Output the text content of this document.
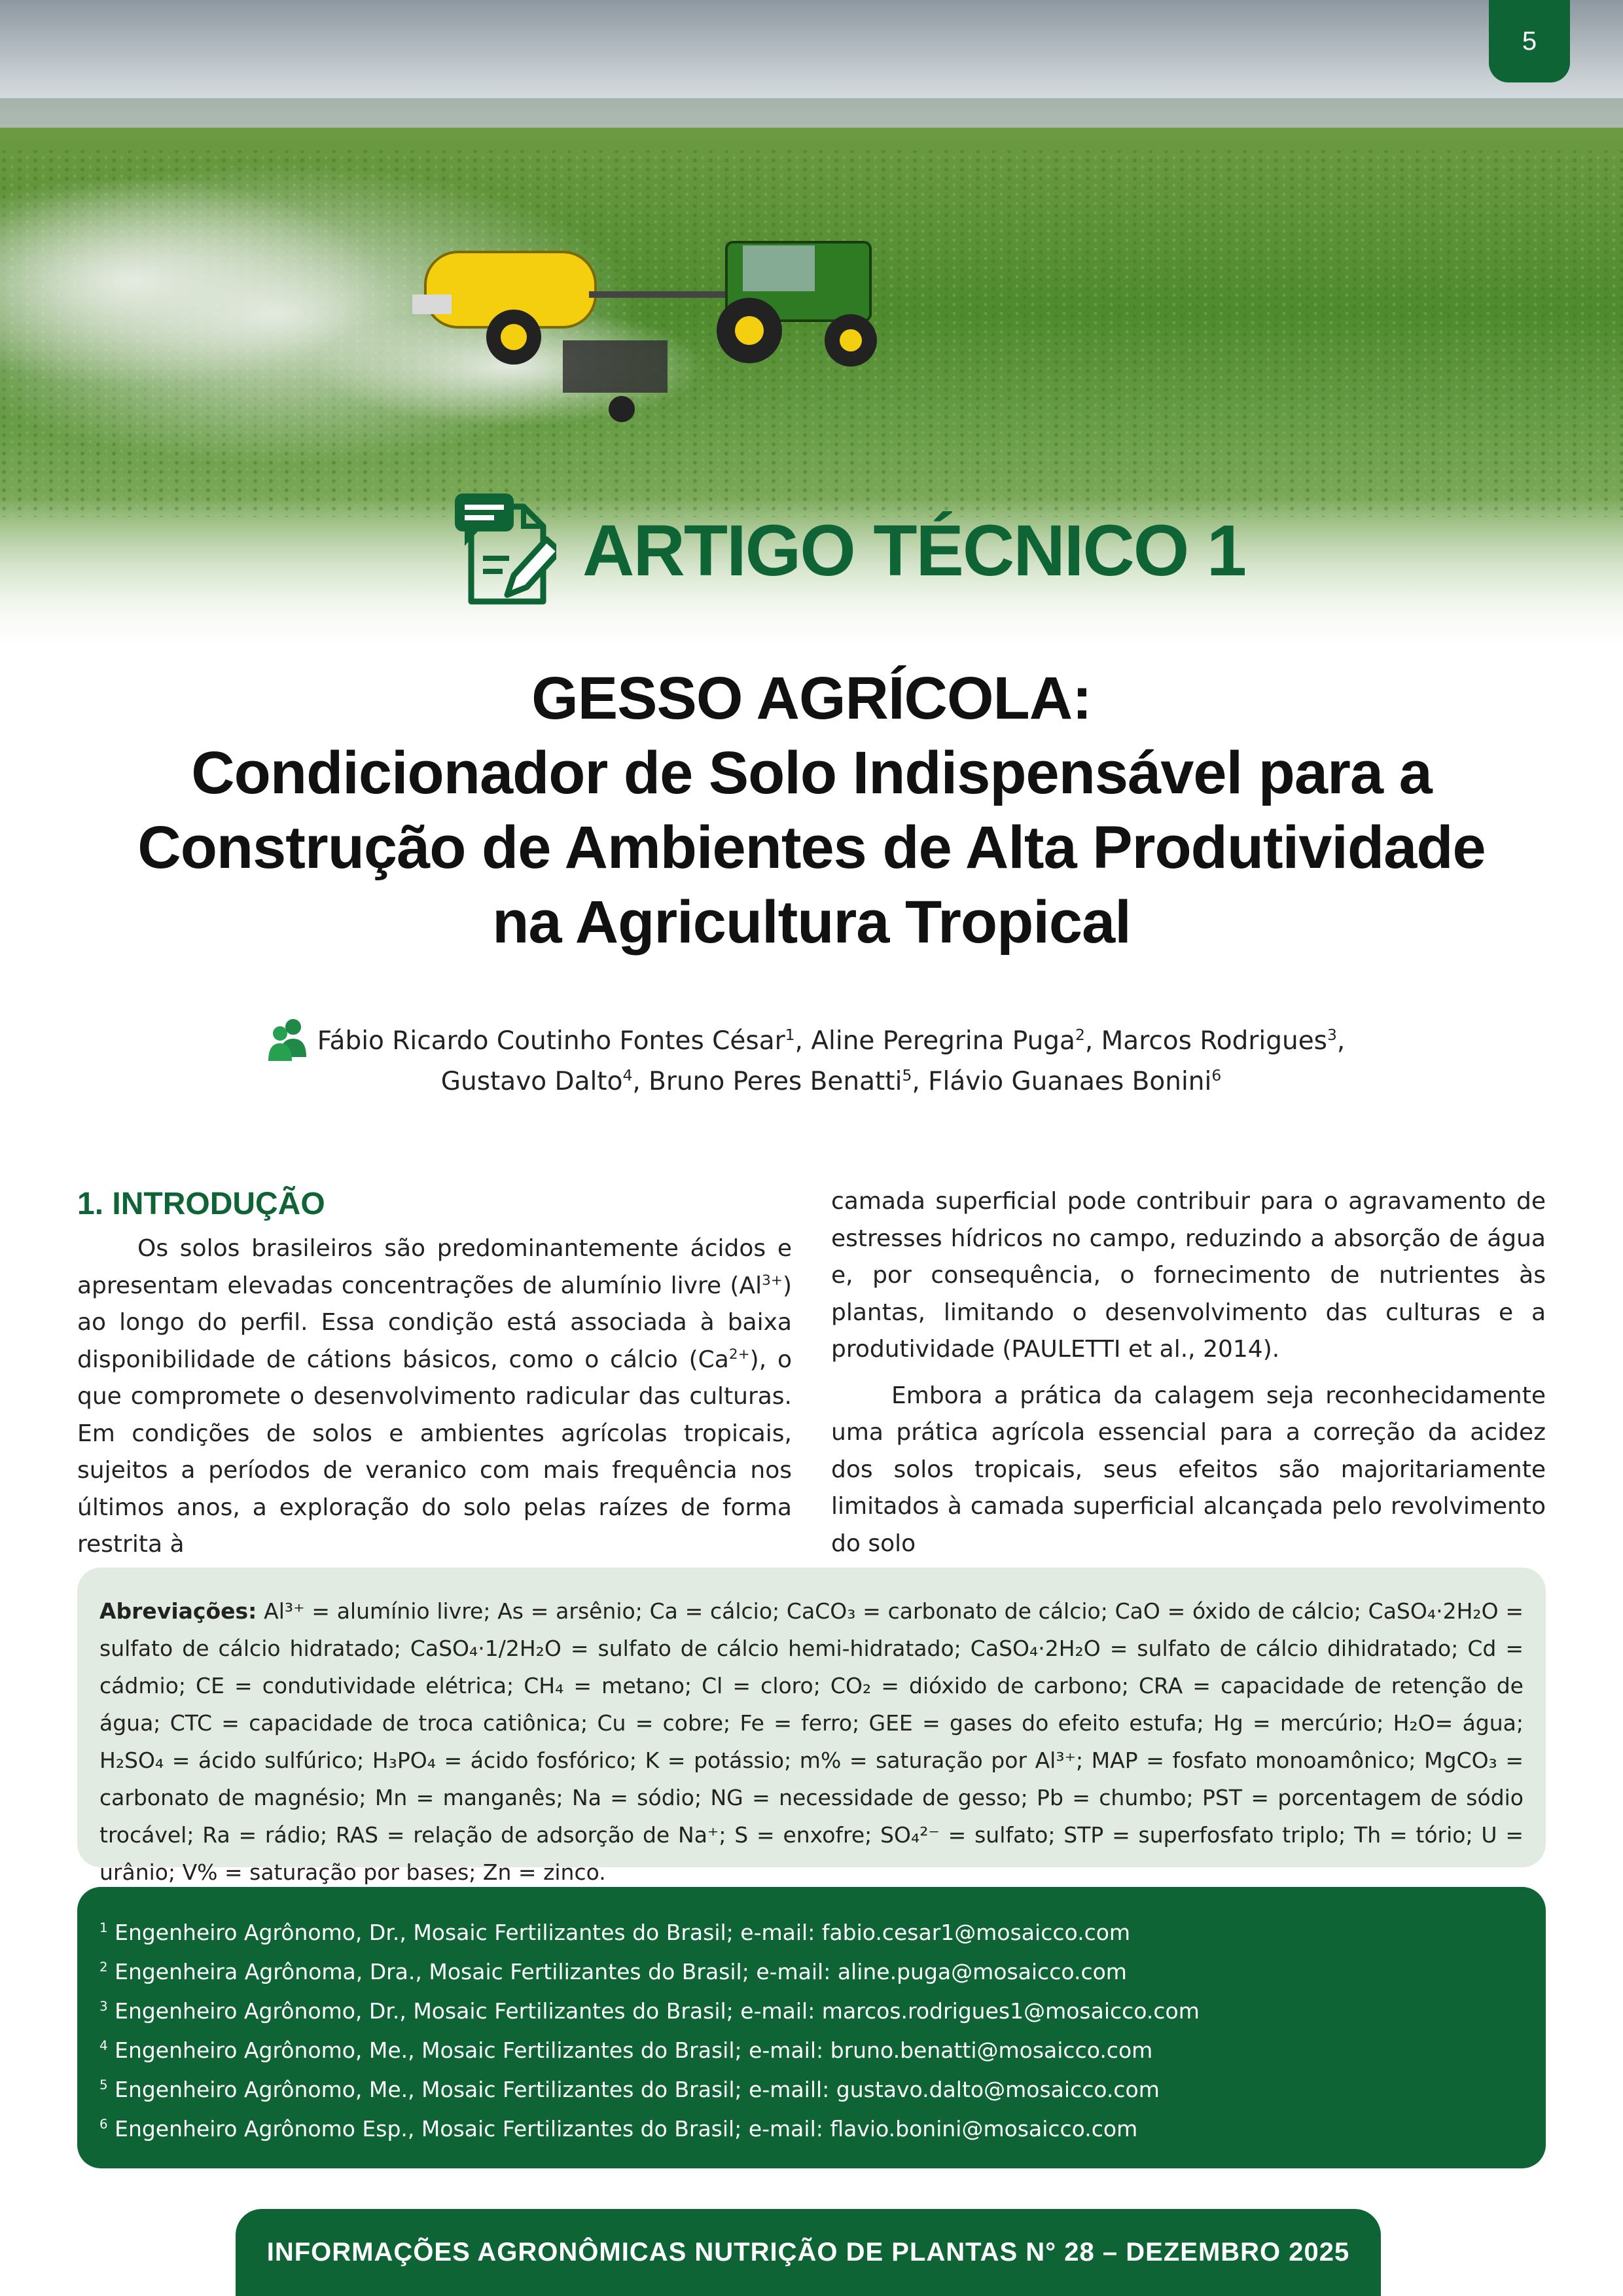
5
ARTIGO TÉCNICO 1
GESSO AGRÍCOLA:
Condicionador de Solo Indispensável para a
Construção de Ambientes de Alta Produtividade
na Agricultura Tropical
Fábio Ricardo Coutinho Fontes César$^1$, Aline Peregrina Puga$^2$, Marcos Rodrigues$^3$,
Gustavo Dalto$^4$, Bruno Peres Benatti$^5$, Flávio Guanaes Bonini$^6$
1. INTRODUÇÃO

Os solos brasileiros são predominantemente ácidos e apresentam elevadas concentrações de alumínio livre $(Al^{3+})$ ao longo do perfil. Essa condição está associada à baixa disponibilidade de cátions básicos, como o cálcio $(Ca^{2+})$, o que compromete o desenvolvimento radicular das culturas. Em condições de solos e ambientes agrícolas tropicais, sujeitos a períodos de veranico com mais frequência nos últimos anos, a exploração do solo pelas raízes de forma restrita à

camada superficial pode contribuir para o agravamento de estresses hídricos no campo, reduzindo a absorção de água e, por consequência, o fornecimento de nutrientes às plantas, limitando o desenvolvimento das culturas e a produtividade (PAULETTI et al., 2014).

Embora a prática da calagem seja reconhecidamente uma prática agrícola essencial para a correção da acidez dos solos tropicais, seus efeitos são majoritariamente limitados à camada superficial alcançada pelo revolvimento do solo

Abreviações: Al³⁺ = alumínio livre; As = arsênio; Ca = cálcio; CaCO₃ = carbonato de cálcio; CaO = óxido de cálcio; CaSO₄·2H₂O = sulfato de cálcio hidratado; CaSO₄·1/2H₂O = sulfato de cálcio hemi-hidratado; CaSO₄·2H₂O = sulfato de cálcio dihidratado; Cd = cádmio; CE = condutividade elétrica; CH₄ = metano; Cl = cloro; CO₂ = dióxido de carbono; CRA = capacidade de retenção de água; CTC = capacidade de troca catiônica; Cu = cobre; Fe = ferro; GEE = gases do efeito estufa; Hg = mercúrio; H₂O= água; H₂SO₄ = ácido sulfúrico; H₃PO₄ = ácido fosfórico; K = potássio; m% = saturação por Al³⁺; MAP = fosfato monoamônico; MgCO₃ = carbonato de magnésio; Mn = manganês; Na = sódio; NG = necessidade de gesso; Pb = chumbo; PST = porcentagem de sódio trocável; Ra = rádio; RAS = relação de adsorção de Na⁺; S = enxofre; SO₄²⁻ = sulfato; STP = superfosfato triplo; Th = tório; U = urânio; V% = saturação por bases; Zn = zinco.
$^1$ Engenheiro Agrônomo, Dr., Mosaic Fertilizantes do Brasil; e-mail: fabio.cesar1@mosaicco.com
$^2$ Engenheira Agrônoma, Dra., Mosaic Fertilizantes do Brasil; e-mail: aline.puga@mosaicco.com
$^3$ Engenheiro Agrônomo, Dr., Mosaic Fertilizantes do Brasil; e-mail: marcos.rodrigues1@mosaicco.com
$^4$ Engenheiro Agrônomo, Me., Mosaic Fertilizantes do Brasil; e-mail: bruno.benatti@mosaicco.com
$^5$ Engenheiro Agrônomo, Me., Mosaic Fertilizantes do Brasil; e-maill: gustavo.dalto@mosaicco.com
$^6$ Engenheiro Agrônomo Esp., Mosaic Fertilizantes do Brasil; e-mail: flavio.bonini@mosaicco.com
INFORMAÇÕES AGRONÔMICAS NUTRIÇÃO DE PLANTAS N° 28 – DEZEMBRO 2025
